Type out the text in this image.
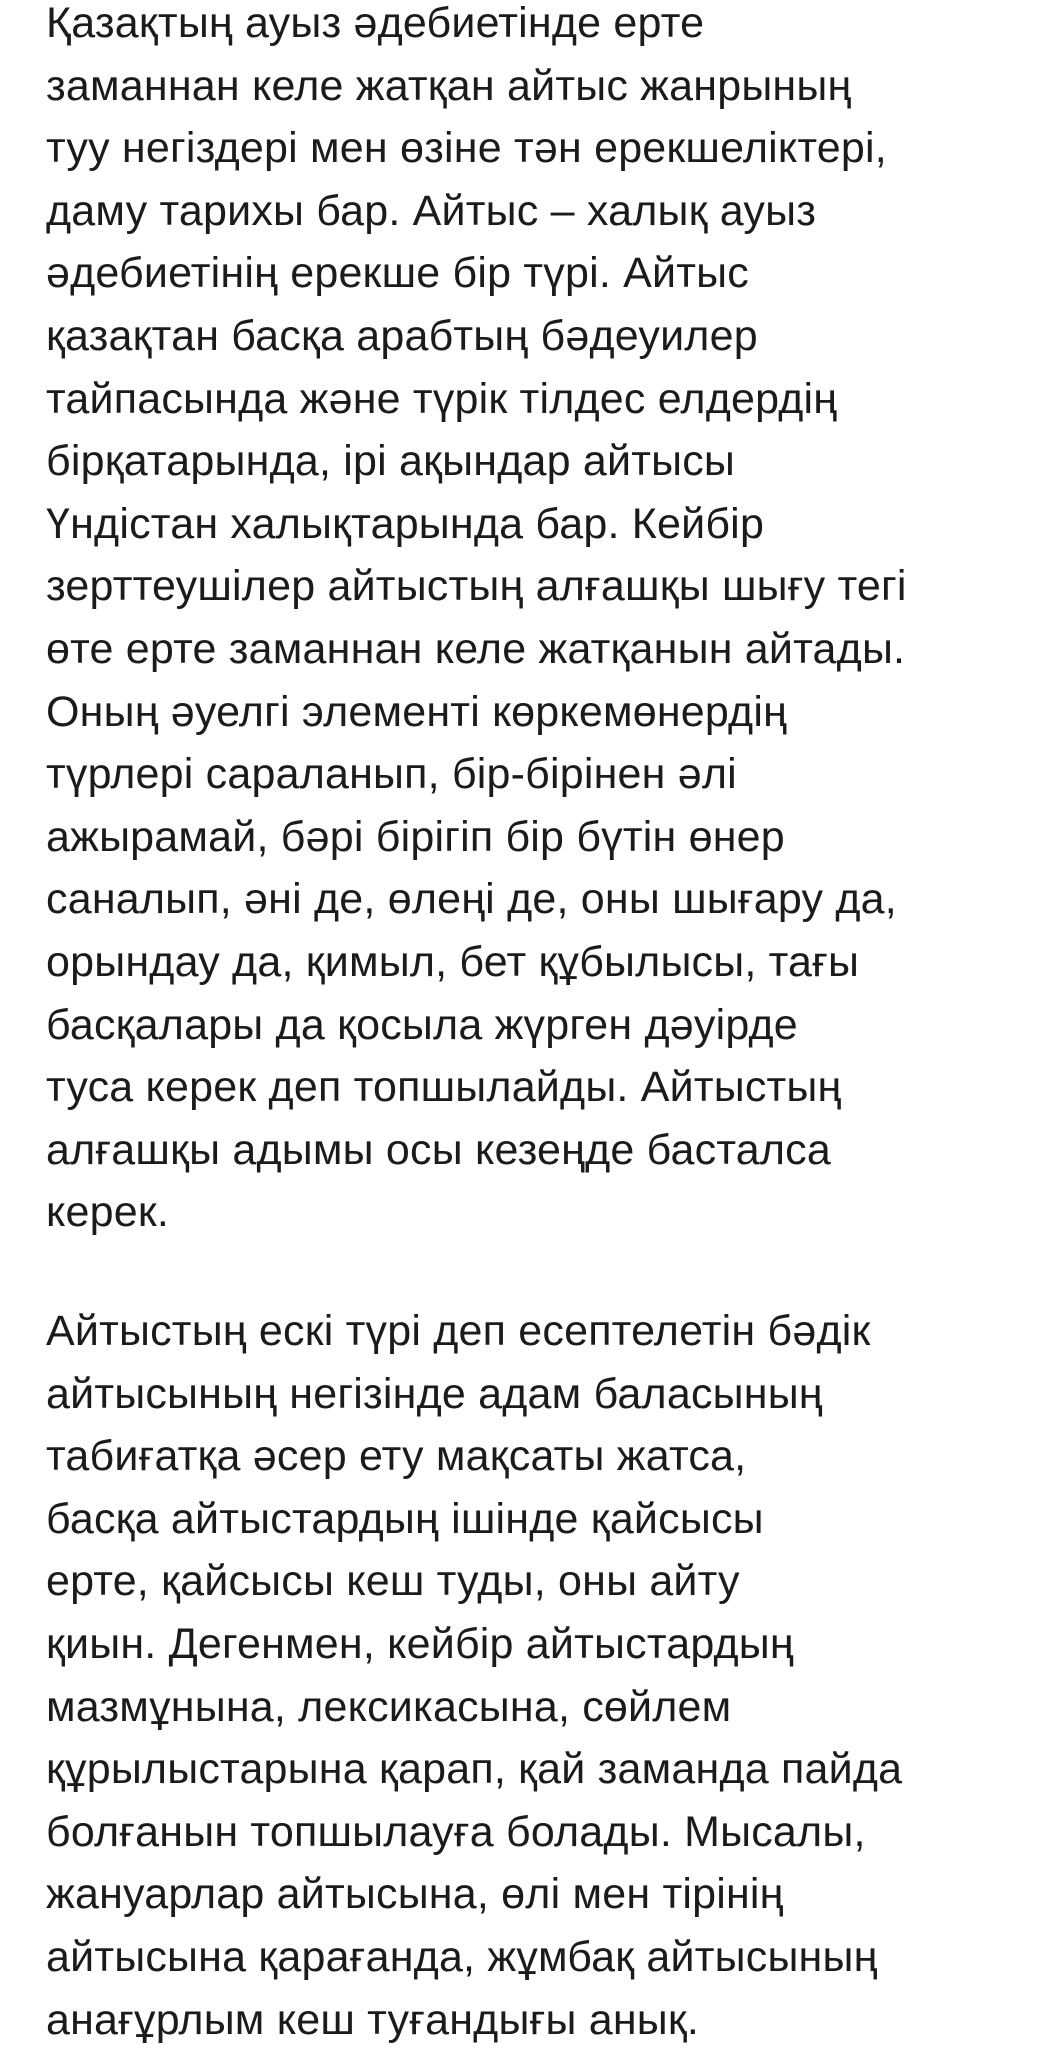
Қазақтың ауыз әдебиетінде ерте
заманнан келе жатқан айтыс жанрының
туу негіздері мен өзіне тән ерекшеліктері,
даму тарихы бар. Айтыс – халық ауыз
әдебиетінің ерекше бір түрі. Айтыс
қазақтан басқа арабтың бәдеуилер
тайпасында және түрік тілдес елдердің
бірқатарында, ірі ақындар айтысы
Үндістан халықтарында бар. Кейбір
зерттеушілер айтыстың алғашқы шығу тегі
өте ерте заманнан келе жатқанын айтады.
Оның әуелгі элементі көркемөнердің
түрлері сараланып, бір-бірінен әлі
ажырамай, бәрі бірігіп бір бүтін өнер
саналып, әні де, өлеңі де, оны шығару да,
орындау да, қимыл, бет құбылысы, тағы
басқалары да қосыла жүрген дәуірде
туса керек деп топшылайды. Айтыстың
алғашқы адымы осы кезеңде басталса
керек.
Айтыстың ескі түрі деп есептелетін бәдік
айтысының негізінде адам баласының
табиғатқа әсер ету мақсаты жатса,
басқа айтыстардың ішінде қайсысы
ерте, қайсысы кеш туды, оны айту
қиын. Дегенмен, кейбір айтыстардың
мазмұнына, лексикасына, сөйлем
құрылыстарына қарап, қай заманда пайда
болғанын топшылауға болады. Мысалы,
жануарлар айтысына, өлі мен тірінің
айтысына қарағанда, жұмбақ айтысының
анағұрлым кеш туғандығы анық.
